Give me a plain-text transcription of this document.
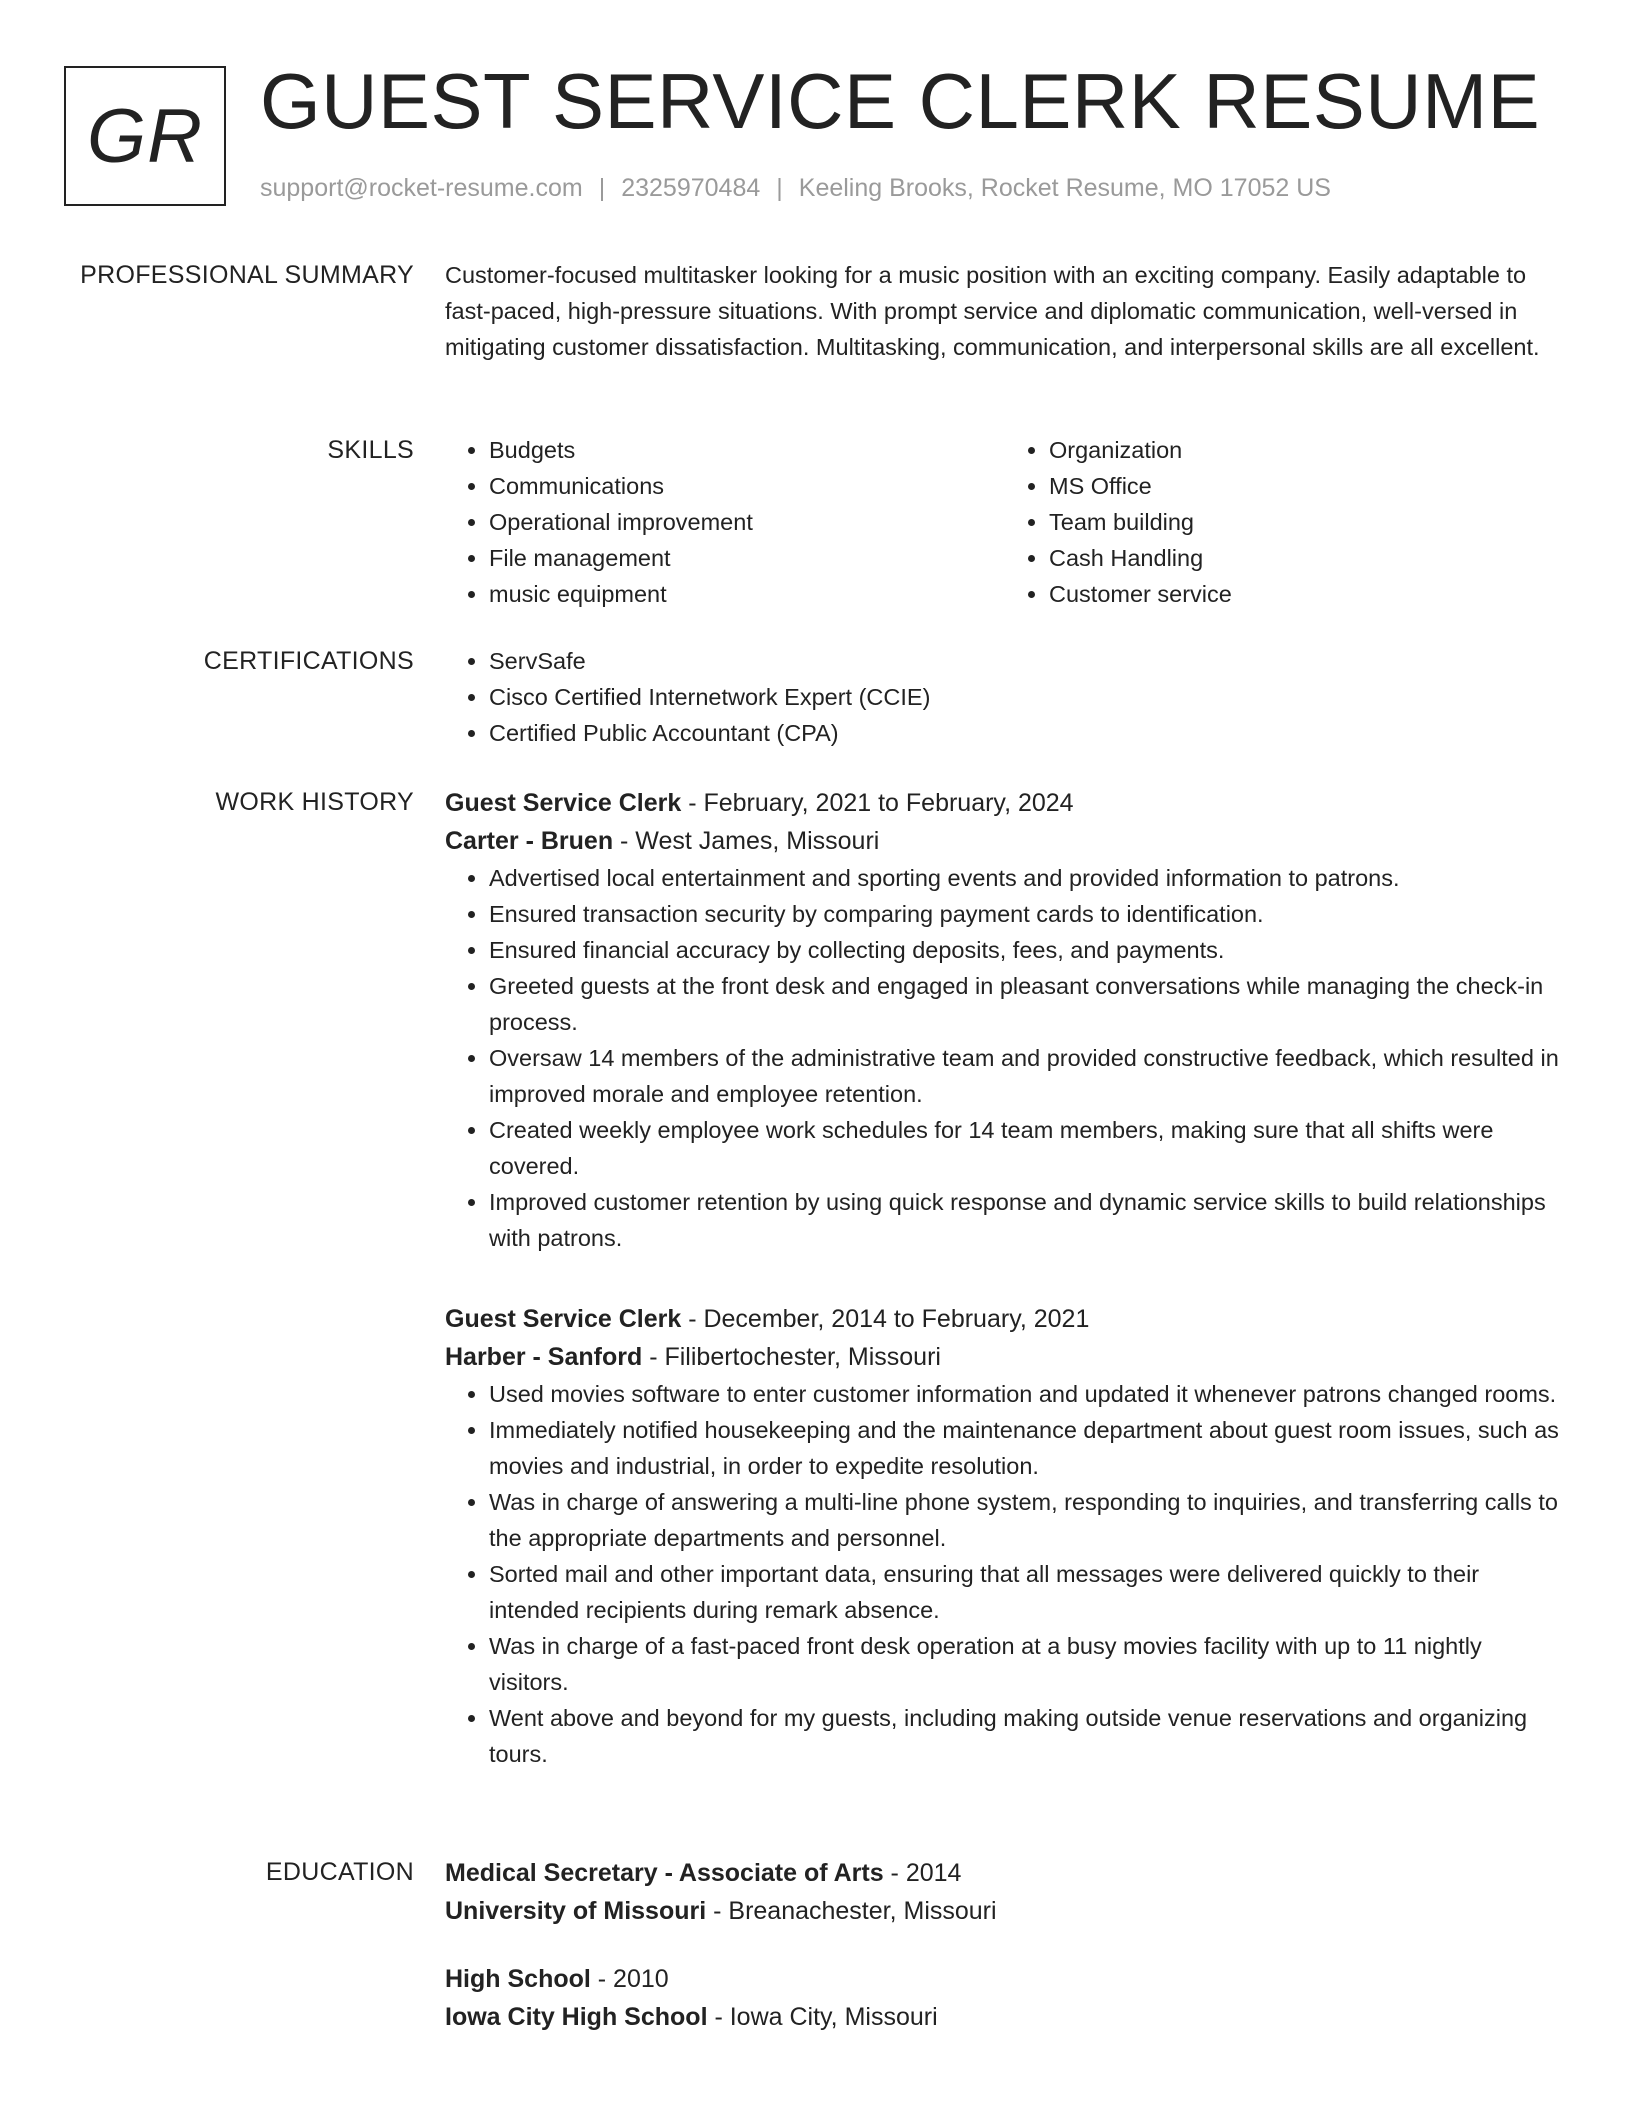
GR GUEST SERVICE CLERK RESUME
support@rocket-resume.com | 2325970484 | Keeling Brooks, Rocket Resume, MO 17052 US
PROFESSIONAL SUMMARY Customer-focused multitasker looking for a music position with an exciting company. Easily adaptable to fast-paced, high-pressure situations. With prompt service and diplomatic communication, well-versed in mitigating customer dissatisfaction. Multitasking, communication, and interpersonal skills are all excellent.

SKILLS	• Budgets
• Communications
• Operational improvement
• File management
• music equipment
• Organization
• MS Office
• Team building
• Cash Handling
• Customer service
CERTIFICATIONS	• ServSafe
• Cisco Certified Internetwork Expert (CCIE)
• Certified Public Accountant (CPA)
WORK HISTORY Guest Service Clerk - February, 2021 to February, 2024
Carter - Bruen - West James, Missouri
• Advertised local entertainment and sporting events and provided information to patrons.
• Ensured transaction security by comparing payment cards to identification.
• Ensured financial accuracy by collecting deposits, fees, and payments.
• Greeted guests at the front desk and engaged in pleasant conversations while managing the check-in process.
• Oversaw 14 members of the administrative team and provided constructive feedback, which resulted in improved morale and employee retention.
• Created weekly employee work schedules for 14 team members, making sure that all shifts were covered.
• Improved customer retention by using quick response and dynamic service skills to build relationships with patrons.
Guest Service Clerk - December, 2014 to February, 2021
Harber - Sanford - Filibertochester, Missouri
• Used movies software to enter customer information and updated it whenever patrons changed rooms.
• Immediately notified housekeeping and the maintenance department about guest room issues, such as movies and industrial, in order to expedite resolution.
• Was in charge of answering a multi-line phone system, responding to inquiries, and transferring calls to the appropriate departments and personnel.
• Sorted mail and other important data, ensuring that all messages were delivered quickly to their intended recipients during remark absence.
• Was in charge of a fast-paced front desk operation at a busy movies facility with up to 11 nightly visitors.
• Went above and beyond for my guests, including making outside venue reservations and organizing tours.
EDUCATION Medical Secretary - Associate of Arts - 2014
University of Missouri - Breanachester, Missouri
High School - 2010
Iowa City High School - Iowa City, Missouri
